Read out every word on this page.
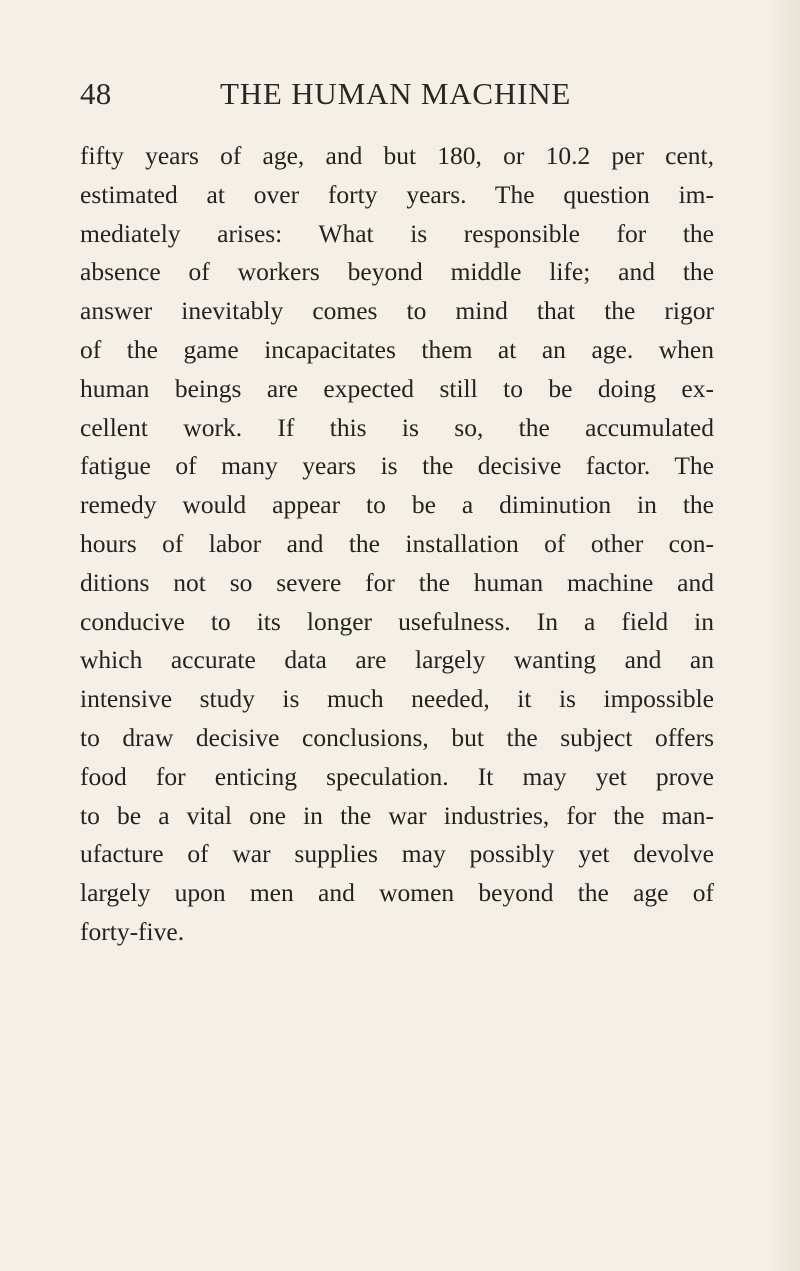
48	THE HUMAN MACHINE
fifty years of age, and but 180, or 10.2 per cent,
estimated at over forty years. The question im-
mediately arises: What is responsible for the
absence of workers beyond middle life; and the
answer inevitably comes to mind that the rigor
of the game incapacitates them at an age. when
human beings are expected still to be doing ex-
cellent work. If this is so, the accumulated
fatigue of many years is the decisive factor. The
remedy would appear to be a diminution in the
hours of labor and the installation of other con-
ditions not so severe for the human machine and
conducive to its longer usefulness. In a field in
which accurate data are largely wanting and an
intensive study is much needed, it is impossible
to draw decisive conclusions, but the subject offers
food for enticing speculation. It may yet prove
to be a vital one in the war industries, for the man-
ufacture of war supplies may possibly yet devolve
largely upon men and women beyond the age of
forty-five.
